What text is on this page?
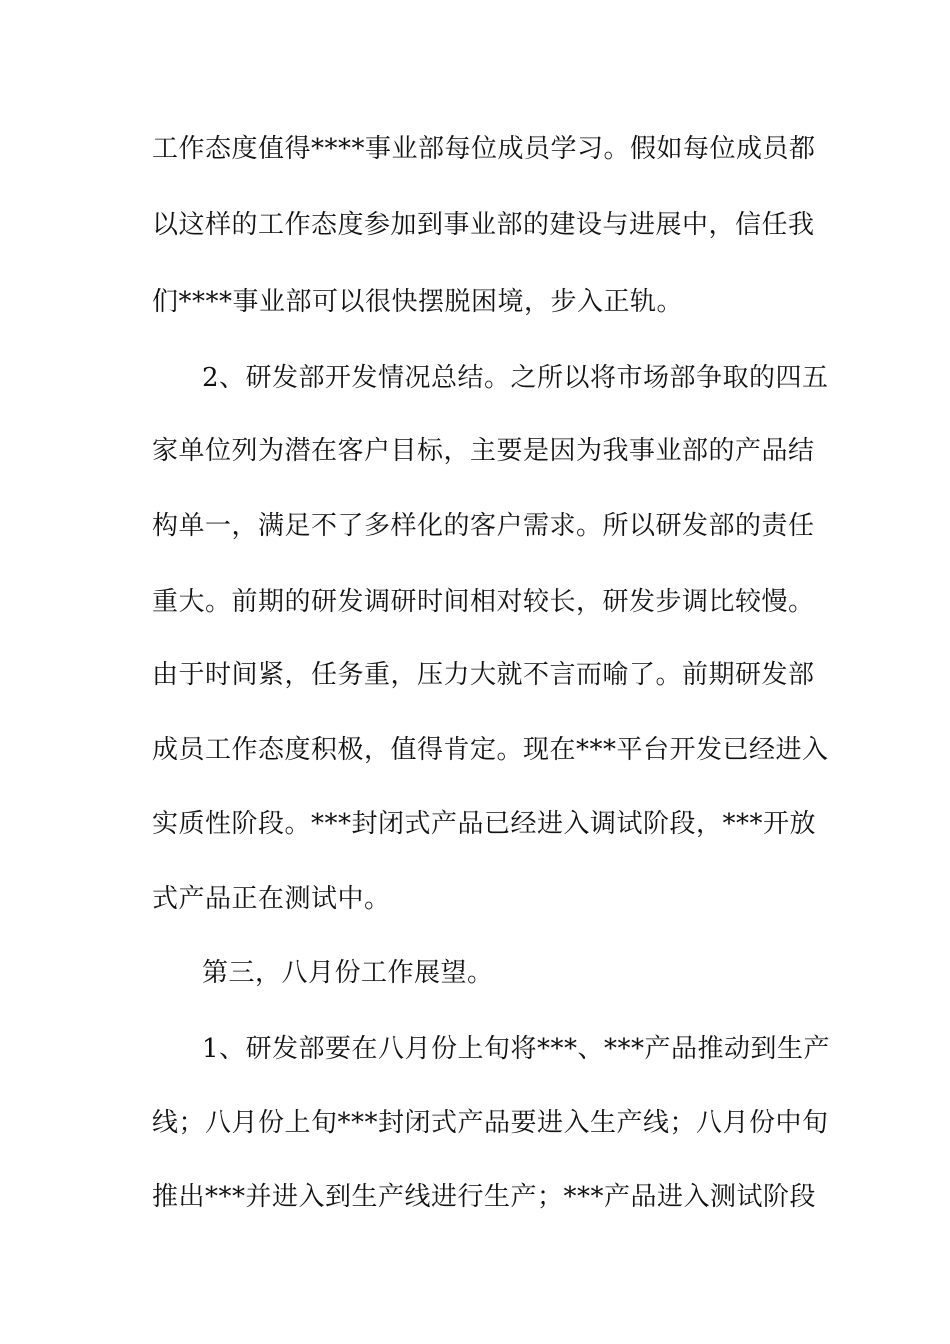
工作态度值得****事业部每位成员学习。假如每位成员都
以这样的工作态度参加到事业部的建设与进展中，信任我
们****事业部可以很快摆脱困境，步入正轨。
2、研发部开发情况总结。之所以将市场部争取的四五
家单位列为潜在客户目标，主要是因为我事业部的产品结
构单一，满足不了多样化的客户需求。所以研发部的责任
重大。前期的研发调研时间相对较长，研发步调比较慢。
由于时间紧，任务重，压力大就不言而喻了。前期研发部
成员工作态度积极，值得肯定。现在***平台开发已经进入
实质性阶段。***封闭式产品已经进入调试阶段，***开放
式产品正在测试中。
第三，八月份工作展望。
1、研发部要在八月份上旬将***、***产品推动到生产
线；八月份上旬***封闭式产品要进入生产线；八月份中旬
推出***并进入到生产线进行生产；***产品进入测试阶段
